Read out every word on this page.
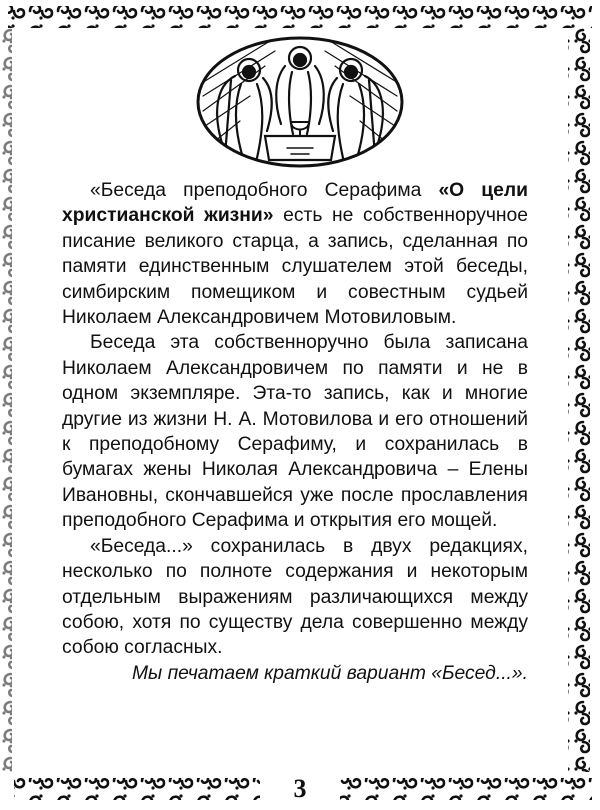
«Беседа преподобного Серафима «О цели христианской жизни» есть не собственноручное писание великого старца, а запись, сделанная по памяти единственным слушателем этой беседы, симбирским помещиком и совестным судьей Николаем Александровичем Мотовиловым.

Беседа эта собственноручно была записана Николаем Александровичем по памяти и не в одном экземпляре. Эта-то запись, как и многие другие из жизни Н. А. Мотовилова и его отношений к преподобному Серафиму, и сохранилась в бумагах жены Николая Александровича – Елены Ивановны, скончавшейся уже после прославления преподобного Серафима и открытия его мощей.

«Беседа...» сохранилась в двух редакциях, несколько по полноте содержания и некоторым отдельным выражениям различающихся между собою, хотя по существу дела совершенно между собою согласных.

Мы печатаем краткий вариант «Бесед...».

3
